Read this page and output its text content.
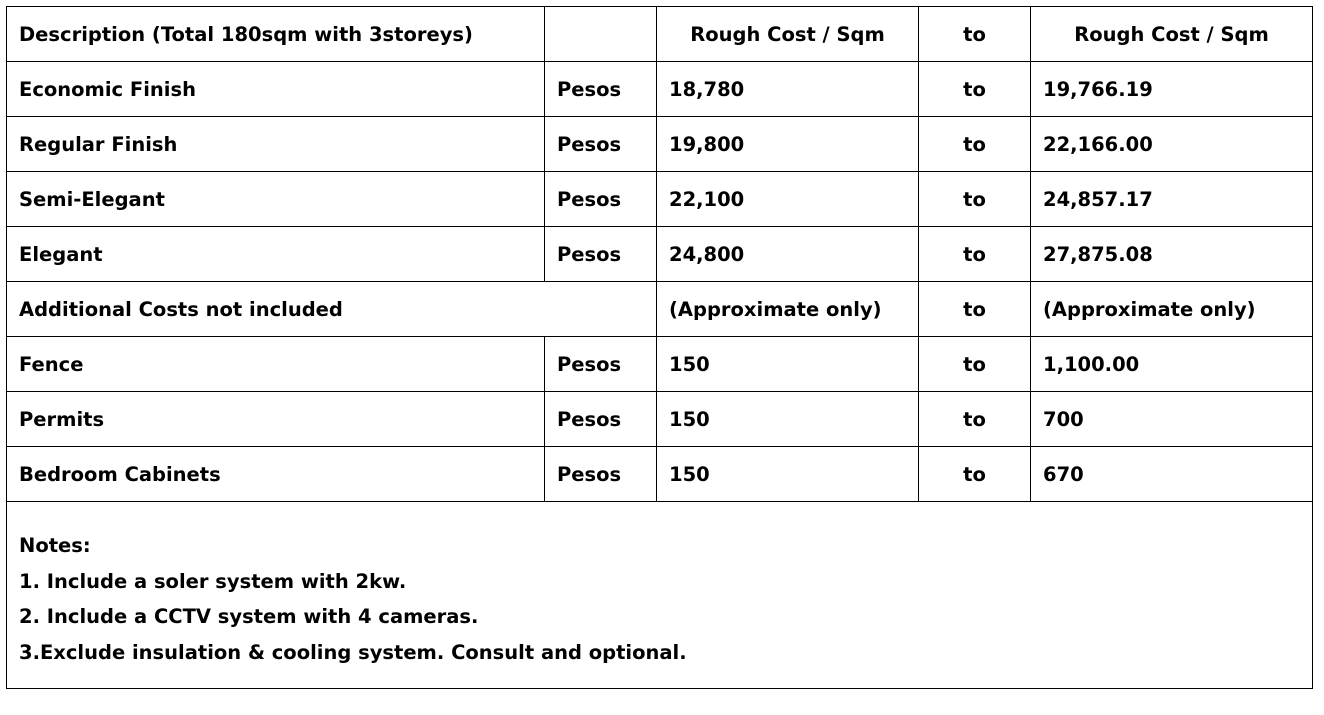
Description (Total 180sqm with 3storeys)		Rough Cost / Sqm	to	Rough Cost / Sqm
Economic Finish	Pesos	18,780	to	19,766.19
Regular Finish	Pesos	19,800	to	22,166.00
Semi-Elegant	Pesos	22,100	to	24,857.17
Elegant	Pesos	24,800	to	27,875.08
Additional Costs not included		(Approximate only)	to	(Approximate only)
Fence	Pesos	150	to	1,100.00
Permits	Pesos	150	to	700
Bedroom Cabinets	Pesos	150	to	670

Notes:
1. Include a soler system with 2kw.
2. Include a CCTV system with 4 cameras.
3.Exclude insulation & cooling system. Consult and optional.				
